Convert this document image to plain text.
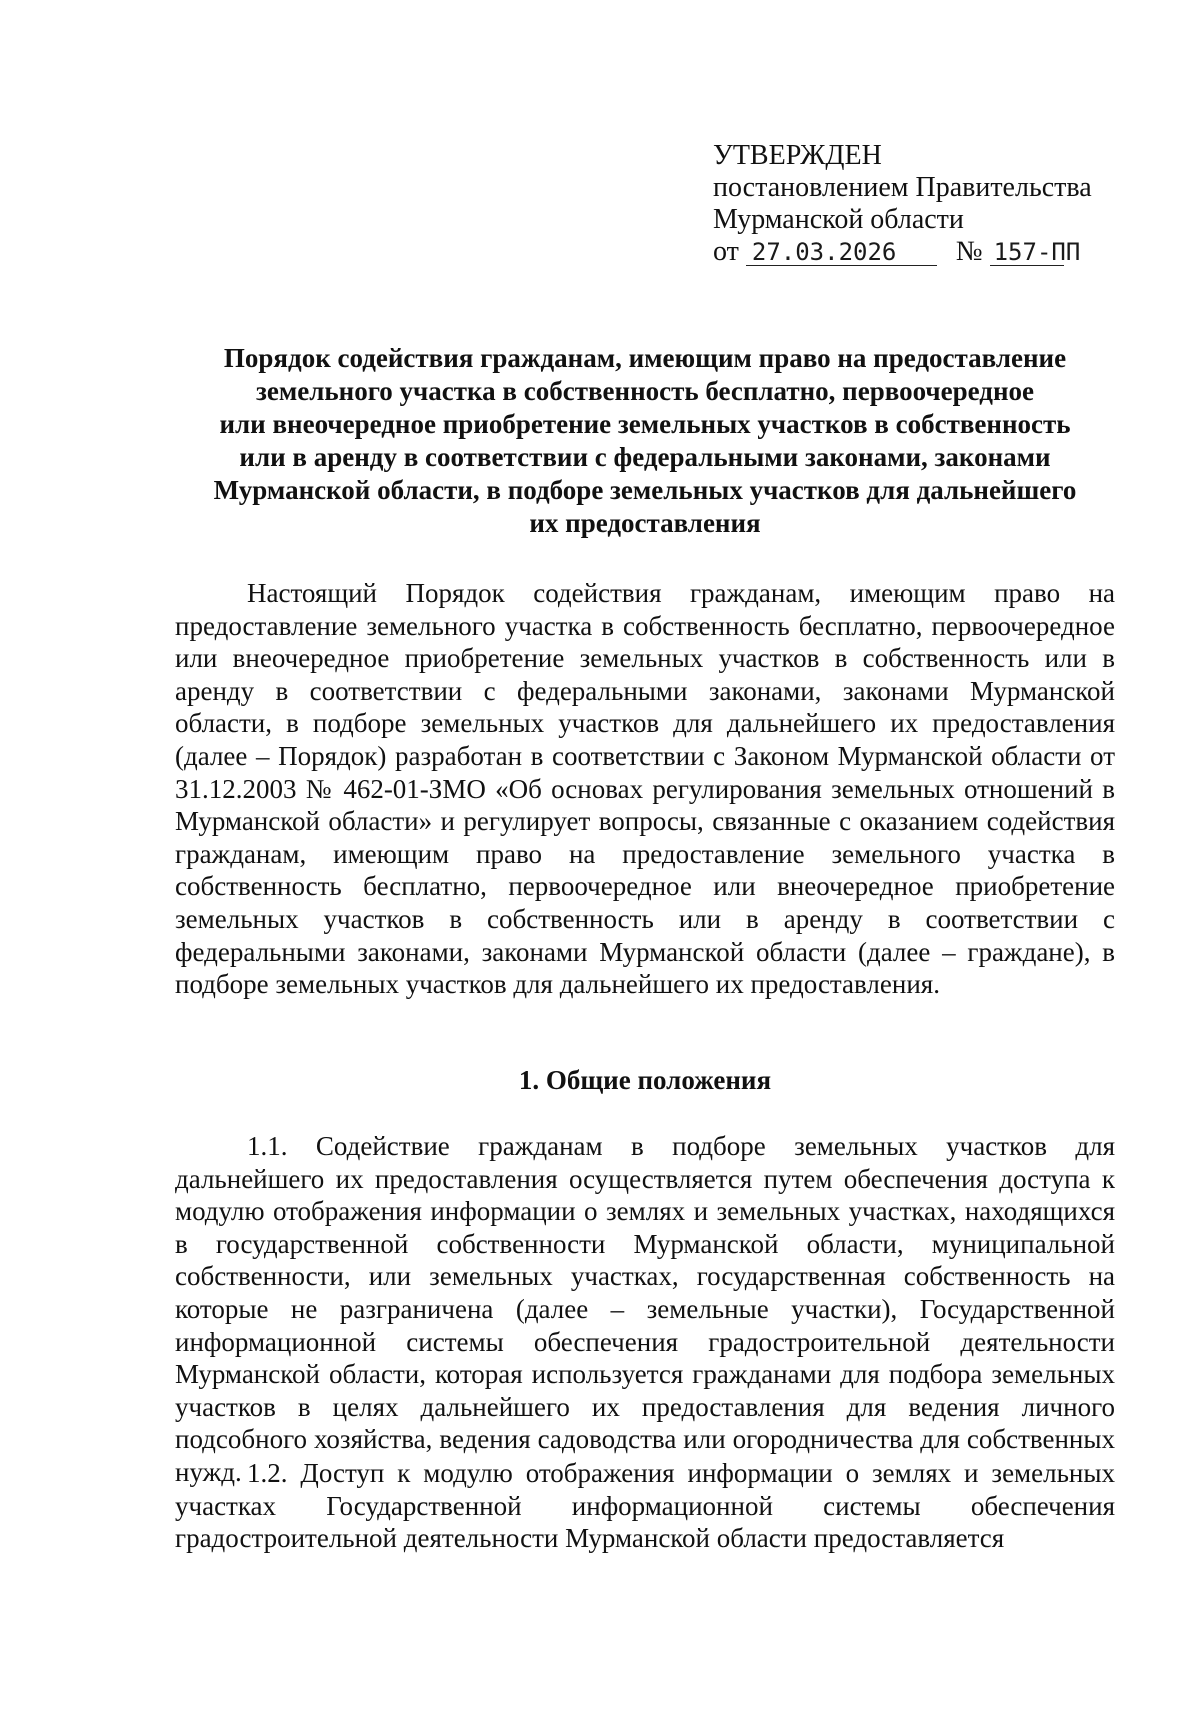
УТВЕРЖДЕН
постановлением Правительства
Мурманской области
от 27.03.2026 № 157-ПП
Порядок содействия гражданам, имеющим право на предоставление
земельного участка в собственность бесплатно, первоочередное
или внеочередное приобретение земельных участков в собственность
или в аренду в соответствии с федеральными законами, законами
Мурманской области, в подборе земельных участков для дальнейшего
их предоставления

Настоящий Порядок содействия гражданам, имеющим право на предоставление земельного участка в собственность бесплатно, первоочередное или внеочередное приобретение земельных участков в собственность или в аренду в соответствии с федеральными законами, законами Мурманской области, в подборе земельных участков для дальнейшего их предоставления (далее – Порядок) разработан в соответствии с Законом Мурманской области от 31.12.2003 № 462-01-ЗМО «Об основах регулирования земельных отношений в Мурманской области» и регулирует вопросы, связанные с оказанием содействия гражданам, имеющим право на предоставление земельного участка в собственность бесплатно, первоочередное или внеочередное приобретение земельных участков в собственность или в аренду в соответствии с федеральными законами, законами Мурманской области (далее – граждане), в подборе земельных участков для дальнейшего их предоставления.

1. Общие положения

1.1. Содействие гражданам в подборе земельных участков для дальнейшего их предоставления осуществляется путем обеспечения доступа к модулю отображения информации о землях и земельных участках, находящихся в государственной собственности Мурманской области, муниципальной собственности, или земельных участках, государственная собственность на которые не разграничена (далее – земельные участки), Государственной информационной системы обеспечения градостроительной деятельности Мурманской области, которая используется гражданами для подбора земельных участков в целях дальнейшего их предоставления для ведения личного подсобного хозяйства, ведения садоводства или огородничества для собственных нужд. 1.2. Доступ к модулю отображения информации о землях и земельных участках Государственной информационной системы обеспечения градостроительной деятельности Мурманской области предоставляется
